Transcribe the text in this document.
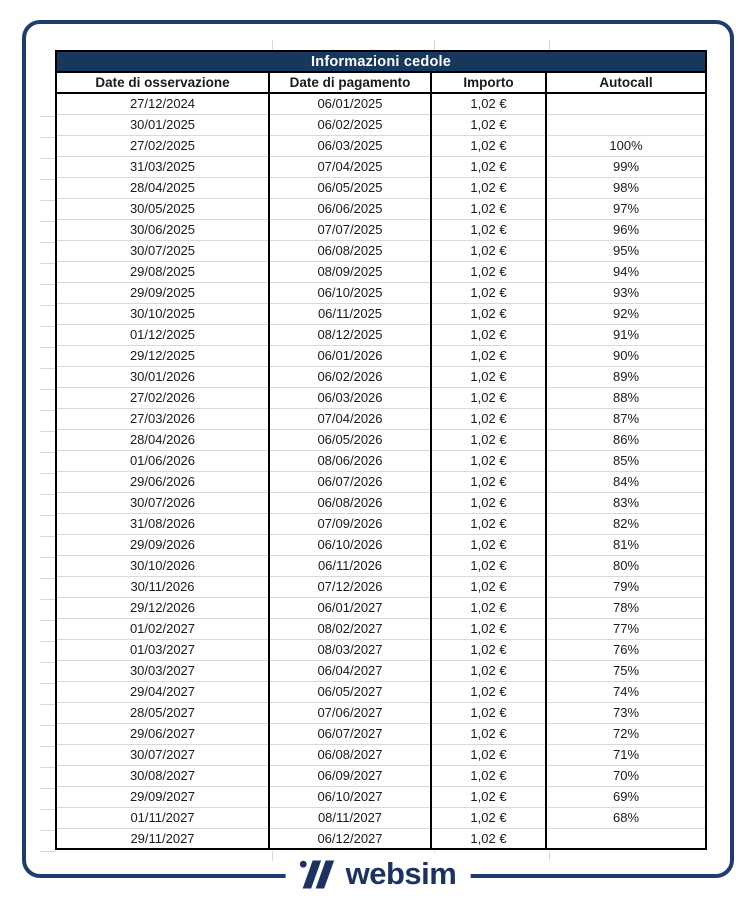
Informazioni cedole			
Date di osservazione	Date di pagamento	Importo	Autocall
27/12/2024	06/01/2025	1,02 €	
30/01/2025	06/02/2025	1,02 €	
27/02/2025	06/03/2025	1,02 €	100%
31/03/2025	07/04/2025	1,02 €	99%
28/04/2025	06/05/2025	1,02 €	98%
30/05/2025	06/06/2025	1,02 €	97%
30/06/2025	07/07/2025	1,02 €	96%
30/07/2025	06/08/2025	1,02 €	95%
29/08/2025	08/09/2025	1,02 €	94%
29/09/2025	06/10/2025	1,02 €	93%
30/10/2025	06/11/2025	1,02 €	92%
01/12/2025	08/12/2025	1,02 €	91%
29/12/2025	06/01/2026	1,02 €	90%
30/01/2026	06/02/2026	1,02 €	89%
27/02/2026	06/03/2026	1,02 €	88%
27/03/2026	07/04/2026	1,02 €	87%
28/04/2026	06/05/2026	1,02 €	86%
01/06/2026	08/06/2026	1,02 €	85%
29/06/2026	06/07/2026	1,02 €	84%
30/07/2026	06/08/2026	1,02 €	83%
31/08/2026	07/09/2026	1,02 €	82%
29/09/2026	06/10/2026	1,02 €	81%
30/10/2026	06/11/2026	1,02 €	80%
30/11/2026	07/12/2026	1,02 €	79%
29/12/2026	06/01/2027	1,02 €	78%
01/02/2027	08/02/2027	1,02 €	77%
01/03/2027	08/03/2027	1,02 €	76%
30/03/2027	06/04/2027	1,02 €	75%
29/04/2027	06/05/2027	1,02 €	74%
28/05/2027	07/06/2027	1,02 €	73%
29/06/2027	06/07/2027	1,02 €	72%
30/07/2027	06/08/2027	1,02 €	71%
30/08/2027	06/09/2027	1,02 €	70%
29/09/2027	06/10/2027	1,02 €	69%
01/11/2027	08/11/2027	1,02 €	68%
29/11/2027	06/12/2027	1,02 €	
websim
